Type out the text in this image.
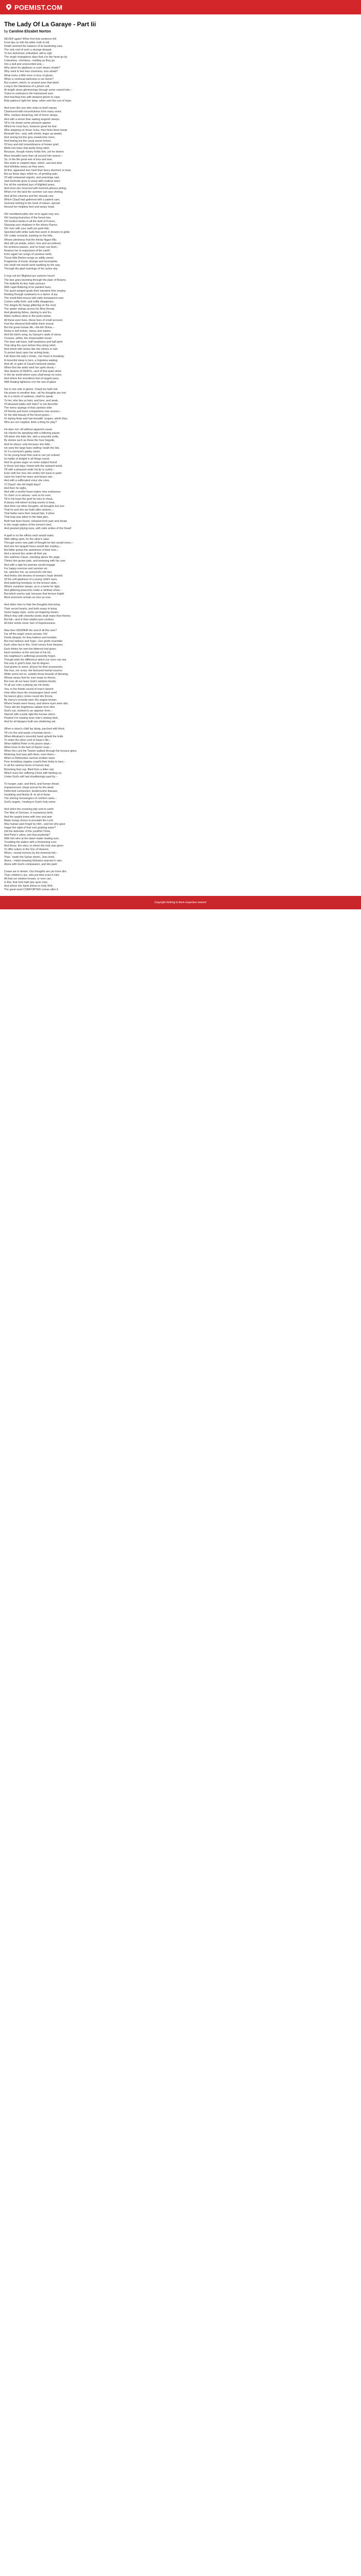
POEMIST.COM
The Lady Of La Garaye - Part Iii
by Caroline Elizabet Norton
NEVER again! When first that sentence fell
From lips so loth the bitter truth to tell,
Death seemed the balance of its burdening care,
The only end of such a strange despair.
To live deformed; enfeebled; still to sigh
The rough changeless days that o'er the heart go by
Colourless,--formless,--melting as they go
Into a dull and unrecorded woe,--
Why strive for gladness in such dreary shade?
Why seek to feel less cheerless, less afraid?
What recks a little more or less of gloom,
When a continual darkness is our doom?
But custom, which, to unused eyes that dwell
Long in the blankness of a prison cell,
At length slows glimmerings through some ruined hole,--
Trains to endurance the imprisoned soul;
And teaching how with deepest gloom to cope,
Bids patience light her lamp, when sets the sun of hope.
And even like one who sinks to brief repose
Clamoured with mournfulness from many woes;
Who, restless dreaming, full of horror sleeps,
And with a worse than waking anguish weeps,
Till in his dream some pinnacle appear
Which he must face, however great his fear:
Who stepping on those rocks, then feels them break
Beneath him,--and, with shriek, leaps up awake;
And seeing but the grey unwelcome morn,
And feeling but the usual sense forlorn,
Of loss and dull remembrance of known grief,
Melts into tears that partly bring relief,
Because, though misery holds him, yet he deems
More dreadful were than all around him seems:--
So, in the life great reel of loss and woe,
She woke to crippled days; which, sad and slow
And infinitely weary as they were,
At first, appeared less hard than fancy deemed, to bear.
But as those days rolled on, of grinding pain,
Of wild unlearned regrets, and yearnings vain,
Sad Gertrude grew to weep with restless tears
For all the vanished joys of blighted years,
And most she mourned with feverish piteous pining,
When o'er the land the summer sun was shining;
And all the volumes and the missals rare,
Which Claud had gathered with a patient care,
Seemed nothing to the book of nature, spread
Around her helpless feet and weary head.
Oh! woodland paths she ne'er again may see,
Oh! tossing branches of the forest tree,
Oh! lovliest banks in all the land of France,
Glassing your shadows in the silvery Rance;
Oh! river with your swift yet quiet tide,
Speckled with white sails that seem in dreams to glide;
Oh! ruddy orchards, basking on the hills,
Whose plenteous fruit the thirsty flagon fills;
And still yet amble, which, free and unconfined,
No sickness passes, and no heart can bind,--
Restore her to enjoyment of the earth!
Echo again her songs of careless mirth,
Those little Breton songs so wildly sweet,
Fragments of music strange and incomplete,
Her small red mouth went warbling by the way
Through the glad roamings of her active day.
It may not be! Blighted are summer hours!
The bee goes booming through the plain of flowers,
The butterfly its tiny mate pursues
With rapid fluttering of its painted hues,
The quick-winged gnats their transient time employ
Reeling through sunbeams in a dance of joy.
The small field-mouse with wide transparent ears
Comes softly forth, and softly disappears,
The dragon-fly hangs glittering on the reed,
The spider swings across his filmy thread,
And gleaming fishes, darting to and fro,
Make restless silver in the pools below.
All these poor lives--these lives of small account,
Feel the ethereal thrill within them mount;
But the great human life,--the life Divine,--
Rests in dull torture, heavy and supine,
And the bird's song, by Garaye's walls of stone,
Crosses, within, the irrepressible moan!
The slow salt tears, half weakness and half grief,
That sting the eyes before they bring relief,
And which with weary lids she strives in vain
To prison back upon her aching brain,
Fall down the lady's cheek,--her heart is breaking;
A mournful sleep is hers, a hopeless waking;
And oft, in spite of Claud's beloved rebuke,
When first the awful wish her spirit shook,--
She dreams of DEATH,--and of that quiet shore
In the far world where eyes shall weep no more,
And where the soundless feet of angels pass,
With floating lightness o'er the sea of glass.
Nor is she sole in gloom. Claud too hath lost
His power to smother fear,--all his thoughts are tost
As in a storm of sadness; shall he speak
To her, who lies so faint, and lone, and weak,
Of pleasant walks and rides? or yet describe
The merry sayings of that careless tribe
Of friends and boon companions now unseen,--
Or the wild beauty of the forest green,--
Or daring feats and hair-breadth 'scapes, which they
Who are not crippled, think a thing for play?
He dare not--oft without apparent cause
He checks his speaking with a faltering pause;
Oft when she bids him, with a mournful smile,
By stories such as these the hour beguile,
And he obeys--only because she bids--
He sees the large tears welling 'neath the lids,
Or if a moment's gaiety return
To his young heart that scarce can yet unlearn
Its habits of delight in all things round,
And he grows eager on some subject found
In those lost days, linked with the outward world,
Till with a pleasant smile his lip is curled,--
Even with her love she smiles him back to paint
Upon his hand her tears and kisses rain,
And with a suffocated voice she cries,
'O Claud!--the old bright days!'
And then he sighs,
And with a woeful heart makes new endeavour
To cheer or to amuse;--and so for ever,
Till in his brain the grief he tries to cheat,
A dreary mill-wheel circling seems to beat,
And drive out other thoughts--all thoughts but one:
That he and she are both alike undone,--
That better were their mutual fate, if when
That leap was taken in the fatal glen,
Both had been found, released from pain and dread,
In the rough waters of the torrent's bed,
And greeted pitying eyes, with calm smiles of the Dead!
A spell is on the efforts each would make,
With willing spirit, for the other's sake:
Through some new path of thought he fain would move,--
And she her languid hours would fain employ,--
But bitter grows the sweetness of their love,--
And a lament lies under all their joy.
She watches Claud,--bending above the page;
Thinks him grown pale, and wearying with his care;
And with a sigh his promise would engage
For happy exercise and summer air;
He, watches her, as surround's she lies,
And thinks she dreams of woman's hope denied;
Of the soft gladness of a young child's eyes,
And pattering footsteps on the terrace wide,--
Where sunshine sleeps, as in a home for light,
And glittering peacocks make a rainbow show,--
But which seems sad, because that terrace bright
Must evermore remain as lone as now.
And either tries to hide the thoughts that wring
Their secret hearts; and both essay to bring
Some happy topic, some yet lingering dream,
Which they with cheerful words shall make their theme;
But fail,--and in their wistful eyes confess
All their words never own of hopelessness.
Was then DESPAIR the end of all this woe?
Far off the angel voices answer, No!
Devils despair, for they believe and tremble;
But men believe and hope;--Our griefs resemble
Each other but in this. Grief comes from Heaven;
Each thinks his own the bitterest trial given;
Each wonders at the sorrows of his lot;
His neighbour's sufferings presently forgot,
Though wide the difference which our eyes can see
Not only in grief's kind, but its degree:
God grants to some, all joys for their possession,
Nor loss, nor cross, the favoured mortal mourns;
While some toil on, outside those bounds of blessing,
Whose weary feet for ever tread on thorns;
But over all our tears God's rainbow bends;
To all our cries a pitying ear He lends;
Yea, to the feeble sound of man's lament
How often have His messengers been sent!
No barren glory circles round His throne,
By mercy's errands were His angels known;
Where hearts were heavy, and where eyes were dim,
There did the brightness radiate from Him;
God's ear, inclined in an opposer form,--
Starred with a polar light the human storm;
Floated o'er tossing seas man's sinking bark,
And for all dangers built one sheltering ark.
When a slave's child lay dying, parched with thirst,
Till o'er the arid waste a fountain burst;--
When Abraham's mournful hand upheld the knife
To smite the silver cord of Isaac's life,--
When faithful Peter in his prison slept,--
When lions to the feet of Daniel crept,--
When the Lord the Twelve walked through the furnace glare,
Believing God was with them, even there;--
When to Bethesda's sunrise-smitten wave
Poor trembling cripples crawl'd their limbs to lave;--
In all the various forms of human trial,
Brimming that cup, filled from a bitter vial,
Which even the suffering Christ with fainting cry
Under God's will had shudderingly past by:--
To hunger, pain, and thirst, and human dread;
Imprisonment; sharp sorrow for the dead;
Deformed contraction; burdensome disease;
Humbling and fleshly ill--to all of these
The shining messengers of comfort came,--
God's angels,--healing in God's holy name.
And when the crowning pity sent to earth
The Man of Sorrows, in mysterious birth;
And the angels knew with love and awe
Made loving chorus to proclaim the Lord;
Was human pain forgot by Him,--and He who gave
Hagar the sight of that cool gushing wave?
Did the defender of the youthful Three,
And Peter's usher, join that prudently?
With him who at the dawn made healing sure,
Troubling the waters with a freshening cure;
And those, the elect, to whom the look was given
To offer solace to the Son of Heaven;
When,--mortal tremors by the immortal felt,--
'Pale, 'neath the Syrian sheen, Jesu knelt,
Alone,--'midst sleeping followers warned in vain;
Alone with God's compassion, and His pain!
Cease we to dream. Our thoughts are yet more dim
Than children's are, who put their trust in Him:
All that our wisdom knows, or ever can,
Is this: that God hath pity upon man;
And where His Spirit shines in Holy Writ,
The great word COMFORTER comes after it.
Copyright Nothing to them respective owners!
